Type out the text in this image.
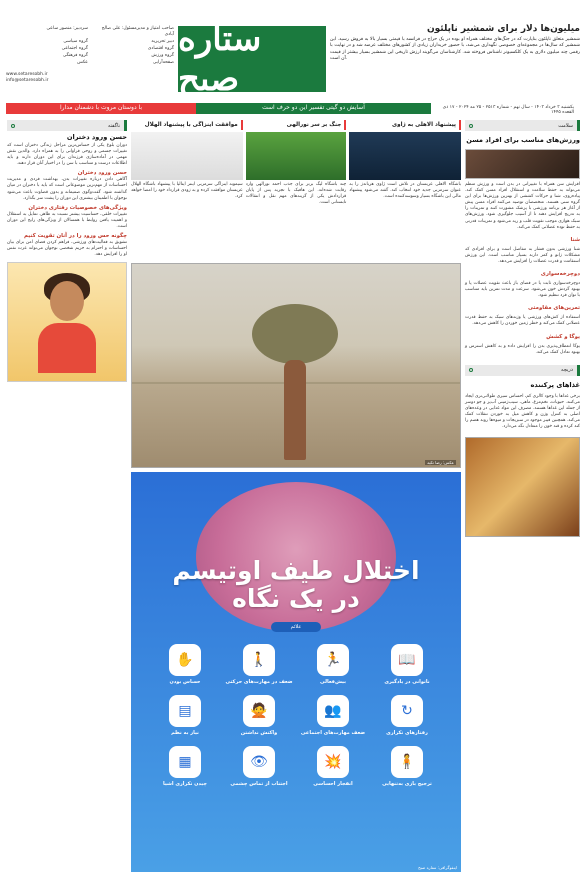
صاحب امتیاز و مدیرمسئول: علی صالح آبادی
سردبیر: منصور ساعی
دبیر تحریریه
گروه سیاسی
گروه اقتصادی
گروه اجتماعی
گروه ورزش
گروه فرهنگی
صفحه‌آرایی
عکس
www.setaresobh.ir
info@setaresobh.ir
ستاره صبح
میلیون‌ها دلار برای شمشیر ناپلئون

شمشیر متعلق ناپلئون بناپارت که در جنگ‌های مختلف همراه او بوده در یک حراج در فرانسه با قیمتی بسیار بالا به فروش رسید. این شمشیر که سال‌ها در مجموعه‌ای خصوصی نگهداری می‌شد، با حضور خریداران زیادی از کشورهای مختلف عرضه شد و در نهایت با رقمی چند میلیون دلاری به یک کلکسیونر ناشناس فروخته شد. کارشناسان می‌گویند ارزش تاریخی این شمشیر بسیار بیشتر از قیمت آن است.

یکشنبه ۳ خرداد ۱۴۰۳ - سال نهم - شماره ۲۵۱۳ - ۲۵ مه ۲۰۲۴ - ۱۷ ذی القعده ۱۴۴۵
آسایش دو گیتی تفسیر این دو حرف است
با دوستان مروت با دشمنان مدارا
سلامت
ورزش‌های مناسب برای افراد مسن
افزایش سن همراه با تغییراتی در بدن است و ورزش منظم می‌تواند به حفظ سلامت و استقلال افراد مسن کمک کند. پیاده‌روی، شنا و حرکات کششی از بهترین ورزش‌ها برای این گروه سنی هستند. متخصصان توصیه می‌کنند افراد مسن پیش از آغاز هر برنامه ورزشی با پزشک مشورت کنند و تمرینات را به تدریج افزایش دهند تا از آسیب جلوگیری شود. ورزش‌های سبک هوازی موجب تقویت قلب و ریه می‌شود و تمرینات قدرتی به حفظ توده عضلانی کمک می‌کند.
شنا
شنا ورزشی بدون فشار به مفاصل است و برای افرادی که مشکلات زانو و کمر دارند بسیار مناسب است. این ورزش استقامت و قدرت عضلات را افزایش می‌دهد.
دوچرخه‌سواری
دوچرخه‌سواری ثابت یا در فضای باز باعث تقویت عضلات پا و بهبود گردش خون می‌شود. سرعت و مدت تمرین باید متناسب با توان فرد تنظیم شود.
تمرین‌های مقاومتی
استفاده از کش‌های ورزشی یا وزنه‌های سبک به حفظ قدرت عضلانی کمک می‌کند و خطر زمین خوردن را کاهش می‌دهد.
یوگا و کشش
یوگا انعطاف‌پذیری بدن را افزایش داده و به کاهش استرس و بهبود تعادل کمک می‌کند.
دریچه
غذاهای پرکننده
برخی غذاها با وجود کالری کم، احساس سیری طولانی‌تری ایجاد می‌کنند. حبوبات، تخم‌مرغ، ماهی، سیب‌زمینی آب‌پز و جو دوسر از جمله این غذاها هستند. مصرف این مواد غذایی در وعده‌های اصلی به کنترل وزن و کاهش میل به خوردن تنقلات کمک می‌کند. همچنین فیبر موجود در سبزیجات و میوه‌ها روند هضم را کند کرده و قند خون را متعادل نگه می‌دارد.
پیشنهاد الاهلی به ژاوی
باشگاه الاهلی عربستان در تلاش است ژاوی هرناندز را به عنوان سرمربی جدید خود انتخاب کند. گفته می‌شود پیشنهاد مالی این باشگاه بسیار وسوسه‌کننده است.
جنگ بر سر نورالهی
چند باشگاه لیگ برتر برای جذب احمد نورالهی وارد رقابت شده‌اند. این هافبک با تجربه پس از پایان قراردادش یکی از گزینه‌های مهم نقل و انتقالات تابستانی است.
موافقت اینزاگی با پیشنهاد الهلال
سیمونه اینزاگی سرمربی اینتر ایتالیا با پیشنهاد باشگاه الهلال عربستان موافقت کرده و به زودی قرارداد خود را امضا خواهد کرد.
عکس: رضا تکیه
اختلال طیف اوتیسم
در یک نگاه
علائم
📖
ناتوانی در یادگیری
🏃
بیش‌فعالی
🚶
ضعف در مهارت‌های حرکتی
✋
حساس بودن
↻
رفتارهای تکراری
👥
ضعف مهارت‌های اجتماعی
🙅
واکنش نداشتن
▤
نیاز به نظم
🧍
ترجیح بازی به‌تنهایی
💥
انفجار احساسی
👁
اجتناب از تماس چشمی
▦
چیدن تکراری اشیا
اینفوگرافی: ستاره صبح
ناگفته
حسن ورود دختران
دوران بلوغ یکی از حساس‌ترین مراحل زندگی دختران است که تغییرات جسمی و روحی فراوانی را به همراه دارد. والدین نقش مهمی در آماده‌سازی فرزندان برای این دوران دارند و باید اطلاعات درست و متناسب با سن را در اختیار آنان قرار دهند.
حسن ورود دختران
آگاهی دادن درباره تغییرات بدن، بهداشت فردی و مدیریت احساسات از مهم‌ترین موضوعاتی است که باید با دختران در میان گذاشته شود. گفت‌وگوی صمیمانه و بدون قضاوت باعث می‌شود نوجوان با اطمینان بیشتری این دوران را پشت سر بگذارد.
ویژگی‌های خصوصیات رفتاری دختران
تغییرات خلقی، حساسیت بیشتر نسبت به ظاهر، تمایل به استقلال و اهمیت یافتن روابط با همسالان از ویژگی‌های رایج این دوران است.
چگونه حس ورود را در آنان تقویت کنیم
تشویق به فعالیت‌های ورزشی، فراهم کردن فضای امن برای بیان احساسات و احترام به حریم شخصی نوجوان می‌تواند عزت نفس او را افزایش دهد.
